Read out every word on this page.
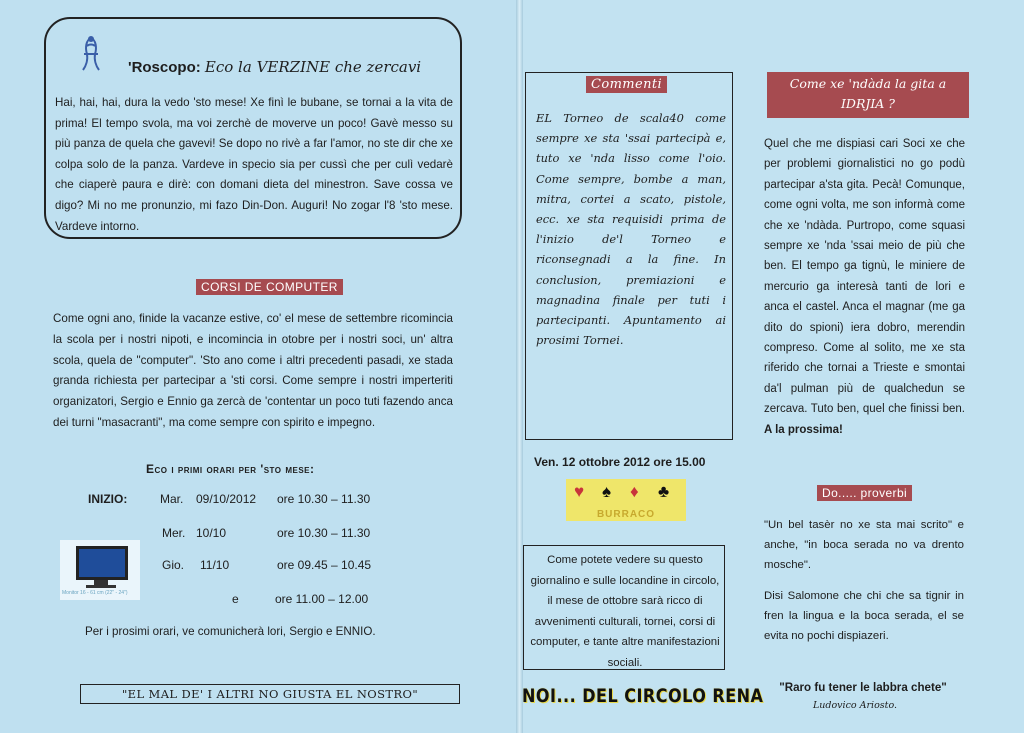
'Roscopo: Eco la VERZINE che zercavi
Hai, hai, hai, dura la vedo 'sto mese! Xe finì le bubane, se tornai a la vita de prima! El tempo svola, ma voi zerchè de moverve un poco! Gavè messo su più panza de quela che gavevi! Se dopo no rivè a far l'amor, no ste dir che xe colpa solo de la panza. Vardeve in specio sia per cussì che per culì vedarè che ciaperè paura e dirè: con domani dieta del minestron. Save cossa ve digo? Mi no me pronunzio, mi fazo Din-Don. Auguri! No zogar l'8 'sto mese. Vardeve intorno.
CORSI DE COMPUTER
Come ogni ano, finide la vacanze estive, co' el mese de settembre ricomincia la scola per i nostri nipoti, e incomincia in otobre per i nostri soci, un' altra scola, quela de "computer". 'Sto ano come i altri precedenti pasadi, xe stada granda richiesta per partecipar a 'sti corsi. Come sempre i nostri imperteriti organizatori, Sergio e Ennio ga zercà de 'contentar un poco tuti fazendo anca dei turni "masacranti", ma come sempre con spirito e impegno.
Eco i primi orari per 'sto mese:
INIZIO:	Mar. 09/10/2012 ore 10.30 – 11.30
Mer. 10/10	ore 10.30 – 11.30
Gio. 11/10	ore 09.45 – 10.45
e	ore 11.00 – 12.00
Monitor 16 - 61 cm (22" - 24")
Per i prosimi orari, ve comunicherà lori, Sergio e ENNIO.
"EL MAL DE' I ALTRI NO GIUSTA EL NOSTRO"
Commenti
EL Torneo de scala40 come sempre xe sta 'ssai partecipà e, tuto xe 'nda lisso come l'oio. Come sempre, bombe a man, mitra, cortei a scato, pistole, ecc. xe sta requisidi prima de l'inizio de'l Torneo e riconsegnadi a la fine. In conclusion, premiazioni e magnadina finale per tuti i partecipanti. Apuntamento ai prosimi Tornei.
Ven. 12 ottobre 2012 ore 15.00
♥ ♠ ♦ ♣
BURRACO
Come potete vedere su questo giornalino e sulle locandine in circolo, il mese de ottobre sarà ricco di avvenimenti culturali, tornei, corsi di computer, e tante altre manifestazioni sociali.
NOI... DEL CIRCOLO RENA
Come xe 'ndàda la gita a IDRJIA ?
Quel che me dispiasi cari Soci xe che per problemi giornalistici no go podù partecipar a'sta gita. Pecà! Comunque, come ogni volta, me son informà come che xe 'ndàda. Purtropo, come squasi sempre xe 'nda 'ssai meio de più che ben. El tempo ga tignù, le miniere de mercurio ga interesà tanti de lori e anca el castel. Anca el magnar (me ga dito do spioni) iera dobro, merendin compreso. Come al solito, me xe sta riferido che tornai a Trieste e smontai da'l pulman più de qualchedun se zercava. Tuto ben, quel che finissi ben. A la prossima!
Do..... proverbi
"Un bel tasèr no xe sta mai scrito" e anche, "in boca serada no va drento mosche".
Disi Salomone che chi che sa tignir in fren la lingua e la boca serada, el se evita no pochi dispiazeri.
"Raro fu tener le labbra chete"
Ludovico Ariosto.
